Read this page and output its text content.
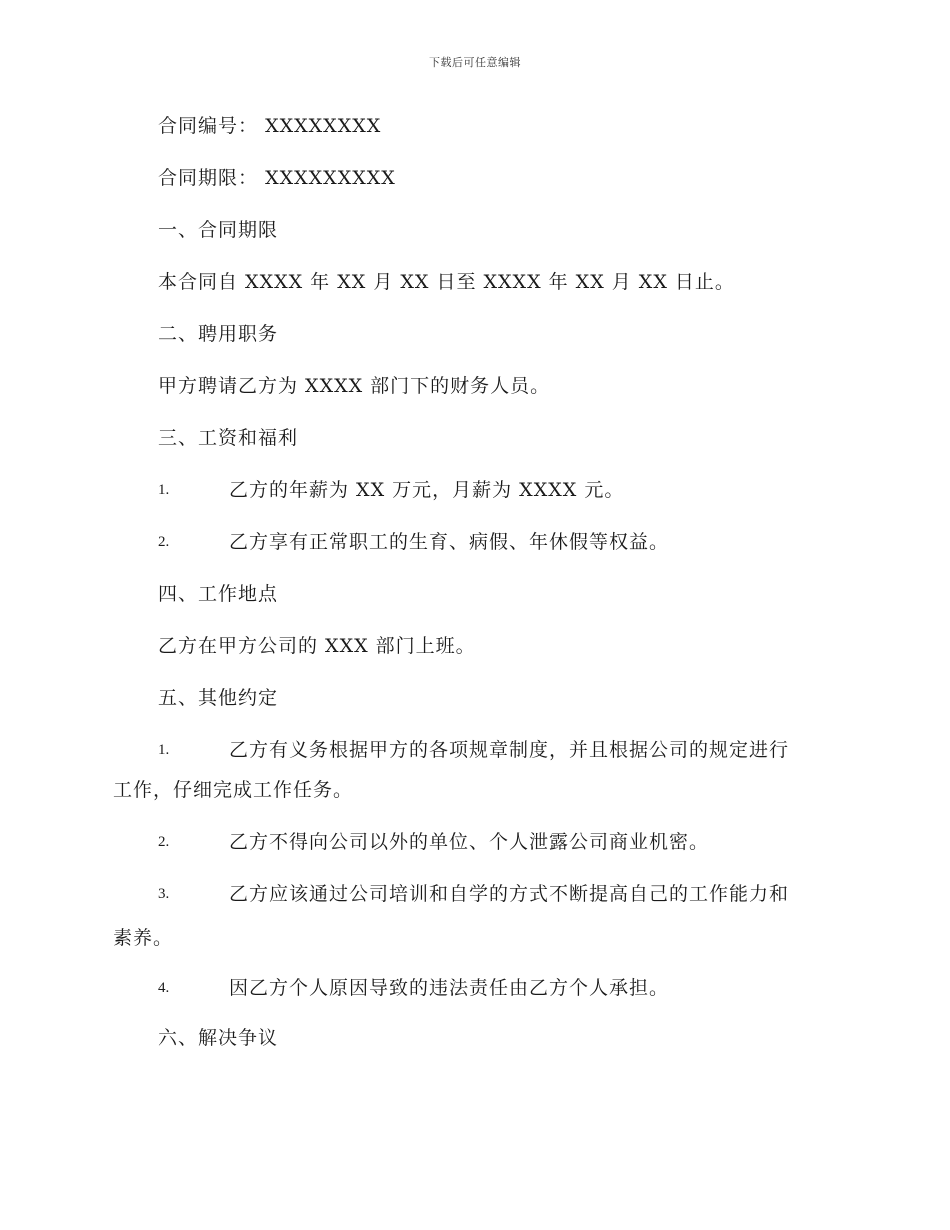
下载后可任意编辑
合同编号： XXXXXXXX
合同期限： XXXXXXXXX
一、合同期限
本合同自 XXXX 年 XX 月 XX 日至 XXXX 年 XX 月 XX 日止。
二、聘用职务
甲方聘请乙方为 XXXX 部门下的财务人员。
三、工资和福利
1.	乙方的年薪为 XX 万元，月薪为 XXXX 元。
2.	乙方享有正常职工的生育、病假、年休假等权益。
四、工作地点
乙方在甲方公司的 XXX 部门上班。
五、其他约定
1.	乙方有义务根据甲方的各项规章制度，并且根据公司的规定进行
工作，仔细完成工作任务。
2.	乙方不得向公司以外的单位、个人泄露公司商业机密。
3.	乙方应该通过公司培训和自学的方式不断提高自己的工作能力和
素养。
4.	因乙方个人原因导致的违法责任由乙方个人承担。
六、解决争议
